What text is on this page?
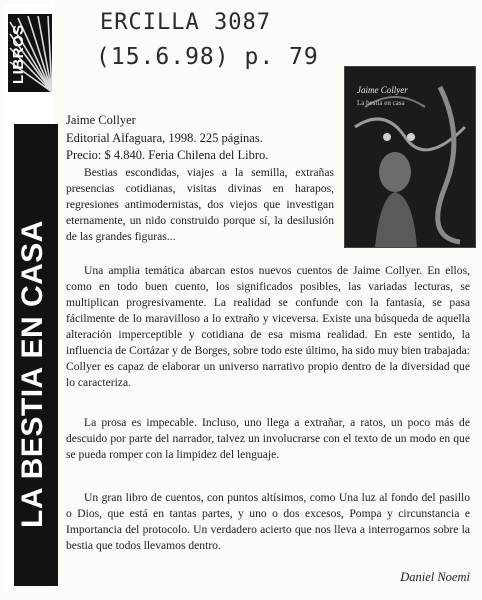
LIBROS
LA BESTIA EN CASA
ERCILLA 3087
(15.6.98) p. 79
Jaime Collyer
La bestia en casa
Jaime Collyer
Editorial Alfaguara, 1998. 225 páginas.
Precio: $ 4.840. Feria Chilena del Libro.
Bestias escondidas, viajes a la semilla, extrañas presencias cotidianas, visitas divinas en harapos, regresiones antimodernistas, dos viejos que investigan eternamente, un nido construido porque sí, la desilusión de las grandes figuras...
Una amplia temática abarcan estos nuevos cuentos de Jaime Collyer. En ellos, como en todo buen cuento, los significados posibles, las variadas lecturas, se multiplican progresivamente. La realidad se confunde con la fantasía, se pasa fácilmente de lo maravilloso a lo extraño y viceversa. Existe una búsqueda de aquella alteración imperceptible y cotidiana de esa misma realidad. En este sentido, la influencia de Cortázar y de Borges, sobre todo este último, ha sido muy bien trabajada: Collyer es capaz de elaborar un universo narrativo propio dentro de la diversidad que lo caracteriza.
La prosa es impecable. Incluso, uno llega a extrañar, a ratos, un poco más de descuido por parte del narrador, talvez un involucrarse con el texto de un modo en que se pueda romper con la limpidez del lenguaje.
Un gran libro de cuentos, con puntos altísimos, como Una luz al fondo del pasillo o Dios, que está en tantas partes, y uno o dos excesos, Pompa y circunstancia e Importancia del protocolo. Un verdadero acierto que nos lleva a interrogarnos sobre la bestia que todos llevamos dentro.
Daniel Noemi
